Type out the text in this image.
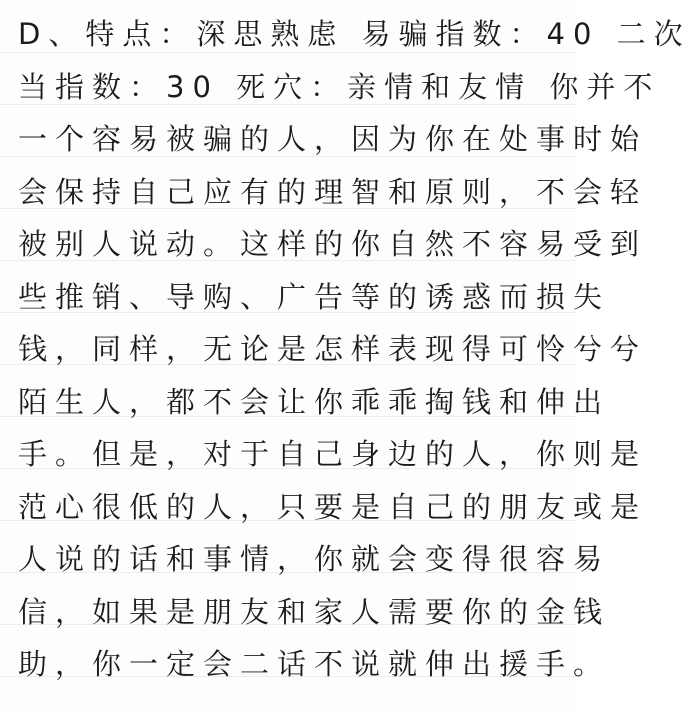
D、特点：深思熟虑 易骗指数：40 二次
当指数：30 死穴：亲情和友情 你并不
一个容易被骗的人，因为你在处事时始
会保持自己应有的理智和原则，不会轻
被别人说动。这样的你自然不容易受到
些推销、导购、广告等的诱惑而损失
钱，同样，无论是怎样表现得可怜兮兮
陌生人，都不会让你乖乖掏钱和伸出
手。但是，对于自己身边的人，你则是
范心很低的人，只要是自己的朋友或是
人说的话和事情，你就会变得很容易
信，如果是朋友和家人需要你的金钱
助，你一定会二话不说就伸出援手。
